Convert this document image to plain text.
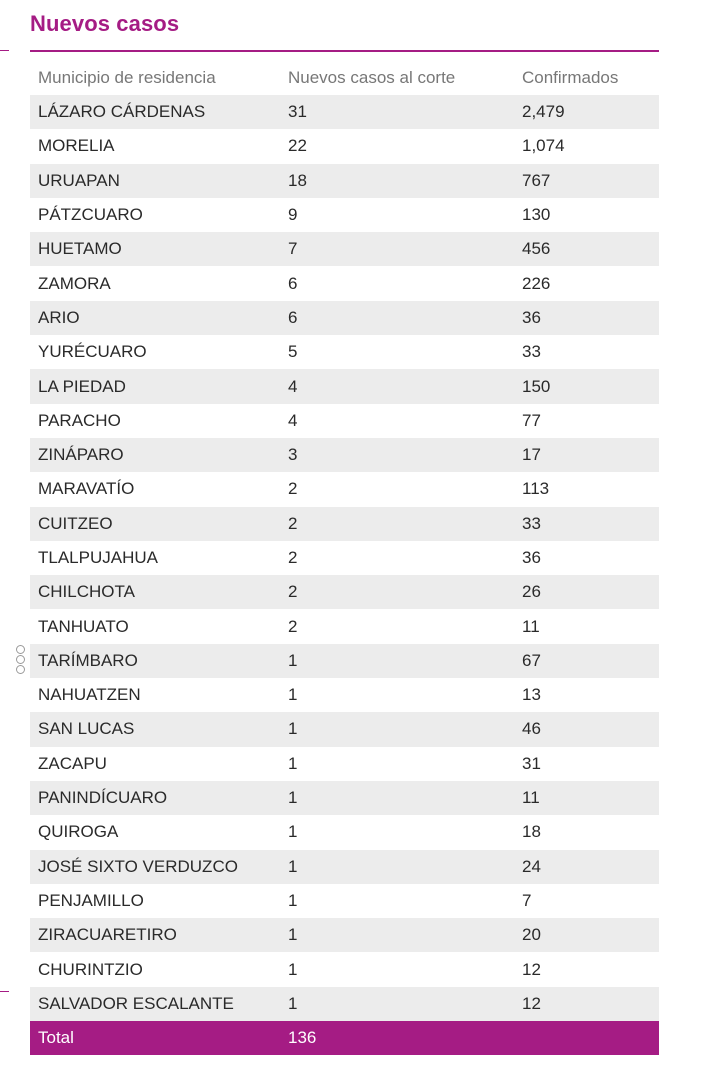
Nuevos casos
Municipio de residencia	Nuevos casos al corte	Confirmados
LÁZARO CÁRDENAS	31	2,479
MORELIA	22	1,074
URUAPAN	18	767
PÁTZCUARO	9	130
HUETAMO	7	456
ZAMORA	6	226
ARIO	6	36
YURÉCUARO	5	33
LA PIEDAD	4	150
PARACHO	4	77
ZINÁPARO	3	17
MARAVATÍO	2	113
CUITZEO	2	33
TLALPUJAHUA	2	36
CHILCHOTA	2	26
TANHUATO	2	11
TARÍMBARO	1	67
NAHUATZEN	1	13
SAN LUCAS	1	46
ZACAPU	1	31
PANINDÍCUARO	1	11
QUIROGA	1	18
JOSÉ SIXTO VERDUZCO	1	24
PENJAMILLO	1	7
ZIRACUARETIRO	1	20
CHURINTZIO	1	12
SALVADOR ESCALANTE	1	12
Total	136
